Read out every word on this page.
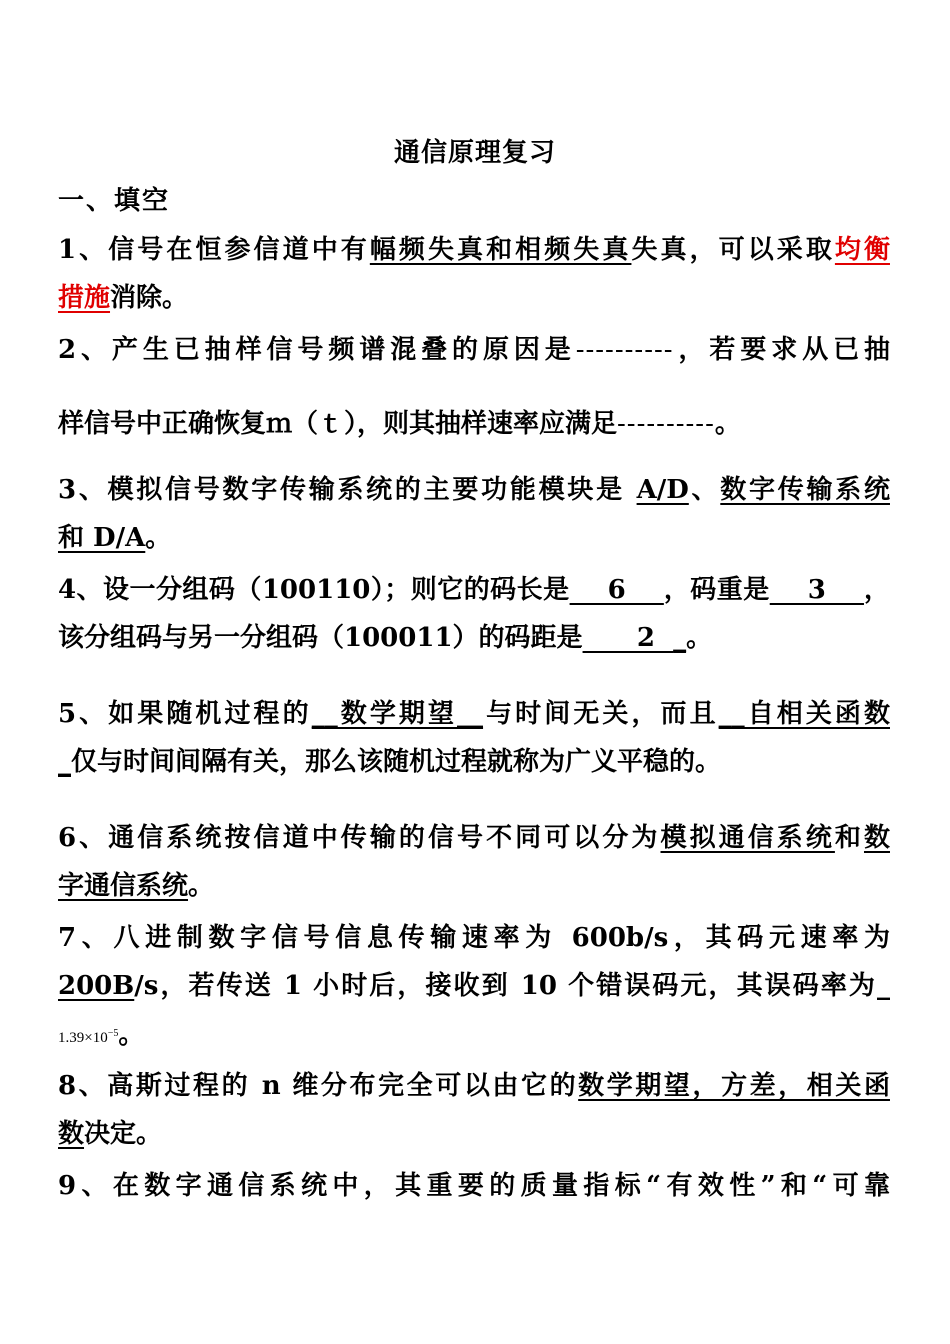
通信原理复习
一、填空
1、信号在恒参信道中有幅频失真和相频失真失真，可以采取均衡
措施消除。
2、产生已抽样信号频谱混叠的原因是----------，若要求从已抽
样信号中正确恢复ｍ（ｔ），则其抽样速率应满足----------。
3、模拟信号数字传输系统的主要功能模块是 A/D、数字传输系统
和 D/A。
4、设一分组码（100110）；则它的码长是    6    ，码重是    3    ，
该分组码与另一分组码（100011）的码距是      2  _。
5、如果随机过程的__数学期望__与时间无关，而且__自相关函数
_仅与时间间隔有关，那么该随机过程就称为广义平稳的。
6、通信系统按信道中传输的信号不同可以分为模拟通信系统和数
字通信系统。
7、八进制数字信号信息传输速率为 600b/s，其码元速率为
200B/s，若传送 1 小时后，接收到 10 个错误码元，其误码率为_
$1.39\times 10^{-5}$。
8、高斯过程的 n 维分布完全可以由它的数学期望，方差，相关函
数决定。
9、在数字通信系统中，其重要的质量指标“有效性”和“可靠
